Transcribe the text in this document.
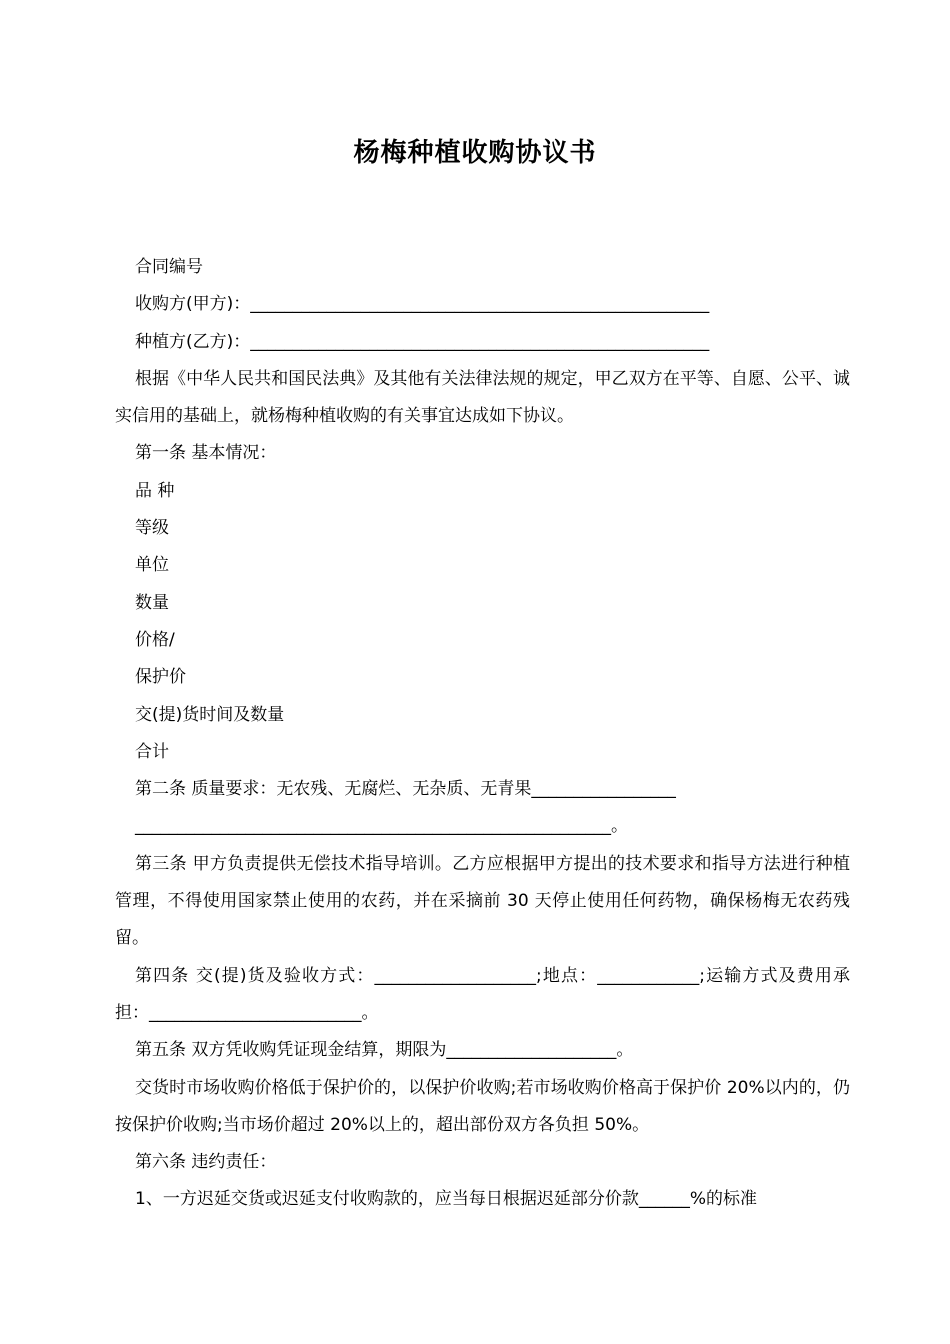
杨梅种植收购协议书

合同编号

收购方(甲方)：______________________________________________________

种植方(乙方)：______________________________________________________

根据《中华人民共和国民法典》及其他有关法律法规的规定，甲乙双方在平等、自愿、公平、诚实信用的基础上，就杨梅种植收购的有关事宜达成如下协议。

第一条 基本情况：

品 种

等级

单位

数量

价格/

保护价

交(提)货时间及数量

合计

第二条 质量要求：无农残、无腐烂、无杂质、无青果_________________

________________________________________________________。

第三条 甲方负责提供无偿技术指导培训。乙方应根据甲方提出的技术要求和指导方法进行种植管理，不得使用国家禁止使用的农药，并在采摘前 30 天停止使用任何药物，确保杨梅无农药残留。

第四条 交(提)货及验收方式：___________________;地点：____________;运输方式及费用承担：_________________________。

第五条 双方凭收购凭证现金结算，期限为____________________。

交货时市场收购价格低于保护价的，以保护价收购;若市场收购价格高于保护价 20%以内的，仍按保护价收购;当市场价超过 20%以上的，超出部份双方各负担 50%。

第六条 违约责任：

1、一方迟延交货或迟延支付收购款的，应当每日根据迟延部分价款______%的标准
